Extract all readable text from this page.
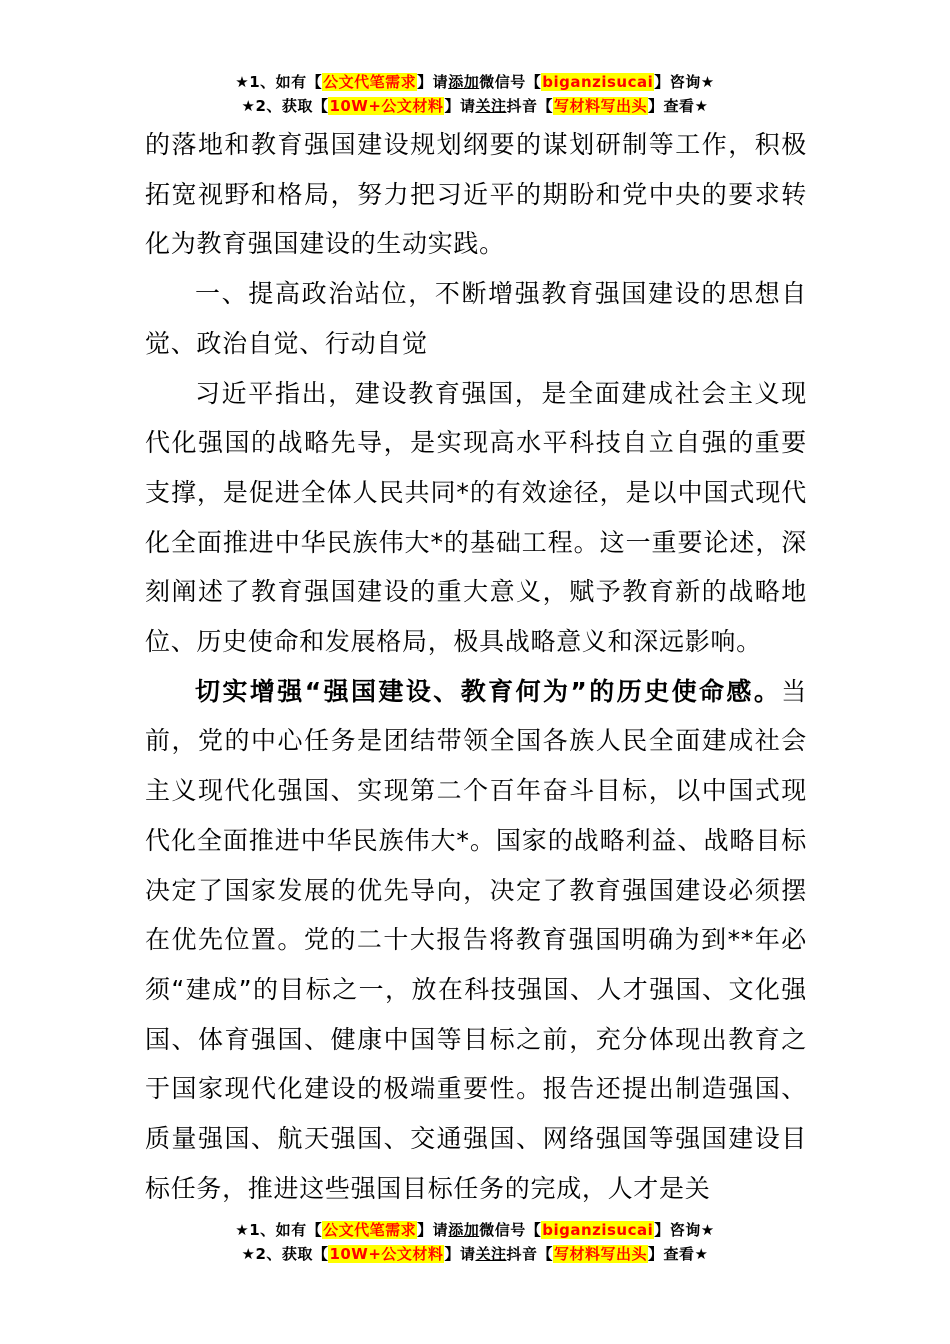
★1、如有【公文代笔需求】请添加微信号【biganzisucai】咨询★
★2、获取【10W+公文材料】请关注抖音【写材料写出头】查看★

的落地和教育强国建设规划纲要的谋划研制等工作，积极拓宽视野和格局，努力把习近平的期盼和党中央的要求转化为教育强国建设的生动实践。

一、提高政治站位，不断增强教育强国建设的思想自觉、政治自觉、行动自觉

习近平指出，建设教育强国，是全面建成社会主义现代化强国的战略先导，是实现高水平科技自立自强的重要支撑，是促进全体人民共同*的有效途径，是以中国式现代化全面推进中华民族伟大*的基础工程。这一重要论述，深刻阐述了教育强国建设的重大意义，赋予教育新的战略地位、历史使命和发展格局，极具战略意义和深远影响。

切实增强“强国建设、教育何为”的历史使命感。当前，党的中心任务是团结带领全国各族人民全面建成社会主义现代化强国、实现第二个百年奋斗目标，以中国式现代化全面推进中华民族伟大*。国家的战略利益、战略目标决定了国家发展的优先导向，决定了教育强国建设必须摆在优先位置。党的二十大报告将教育强国明确为到**年必须“建成”的目标之一，放在科技强国、人才强国、文化强国、体育强国、健康中国等目标之前，充分体现出教育之于国家现代化建设的极端重要性。报告还提出制造强国、质量强国、航天强国、交通强国、网络强国等强国建设目标任务，推进这些强国目标任务的完成，人才是关

★1、如有【公文代笔需求】请添加微信号【biganzisucai】咨询★
★2、获取【10W+公文材料】请关注抖音【写材料写出头】查看★
